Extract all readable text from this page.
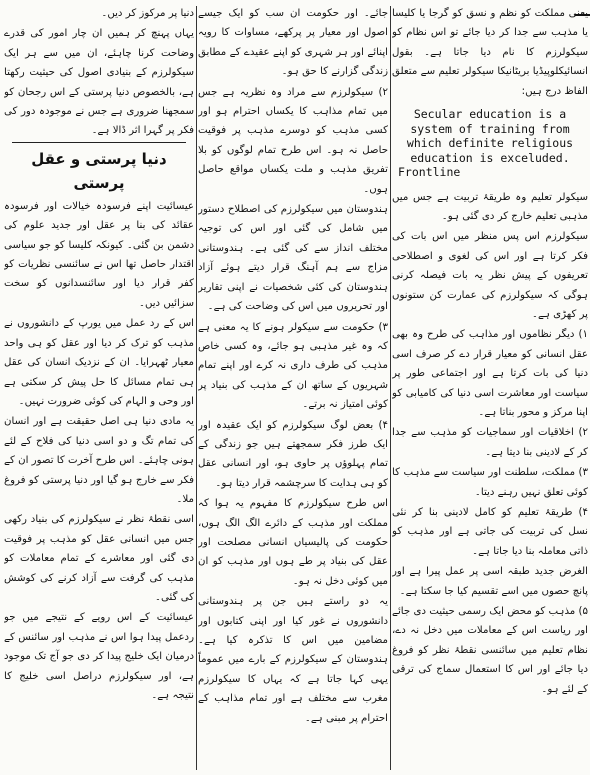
یعنی مملکت کو نظم و نسق کو گرجا یا کلیسا یا مذہب سے جدا کر دیا جائے تو اس نظام کو سیکولرزم کا نام دیا جاتا ہے۔ بقول انسائیکلوپیڈیا بریٹانیکا سیکولر تعلیم سے متعلق الفاظ درج ہیں:

Secular education is a system of training from which definite religious education is exceluded.
Frontline

سیکولر تعلیم وہ طریقۂ تربیت ہے جس میں مذہبی تعلیم خارج کر دی گئی ہو۔

سیکولرزم اس پس منظر میں اس بات کی فکر کرتا ہے اور اس کی لغوی و اصطلاحی تعریفوں کے پیش نظر یہ بات فیصلہ کرنی ہوگی کہ سیکولرزم کی عمارت کن ستونوں پر کھڑی ہے۔

۱) دیگر نظاموں اور مذاہب کی طرح وہ بھی عقل انسانی کو معیار قرار دے کر صرف اسی دنیا کی بات کرتا ہے اور اجتماعی طور پر سیاست اور معاشرت اسی دنیا کی کامیابی کو اپنا مرکز و محور بناتا ہے۔

۲) اخلاقیات اور سماجیات کو مذہب سے جدا کر کے لادینی بنا دیتا ہے۔

۳) مملکت، سلطنت اور سیاست سے مذہب کا کوئی تعلق نہیں رہنے دیتا۔

۴) طریقۂ تعلیم کو کامل لادینی بنا کر نئی نسل کی تربیت کی جاتی ہے اور مذہب کو ذاتی معاملہ بنا دیا جاتا ہے۔

الغرض جدید طبقہ اسی پر عمل پیرا ہے اور پانچ حصوں میں اسے تقسیم کیا جا سکتا ہے۔

۵) مذہب کو محض ایک رسمی حیثیت دی جائے اور ریاست اس کے معاملات میں دخل نہ دے، نظام تعلیم میں سائنسی نقطۂ نظر کو فروغ دیا جائے اور اس کا استعمال سماج کی ترقی کے لئے ہو۔

جائے۔ اور حکومت ان سب کو ایک جیسے اصول اور معیار پر پرکھے، مساوات کا رویہ اپنائے اور ہر شہری کو اپنے عقیدے کے مطابق زندگی گزارنے کا حق ہو۔

۲) سیکولرزم سے مراد وہ نظریہ ہے جس میں تمام مذاہب کا یکساں احترام ہو اور کسی مذہب کو دوسرے مذہب پر فوقیت حاصل نہ ہو۔ اس طرح تمام لوگوں کو بلا تفریق مذہب و ملت یکساں مواقع حاصل ہوں۔

ہندوستان میں سیکولرزم کی اصطلاح دستور میں شامل کی گئی اور اس کی توجیہ مختلف انداز سے کی گئی ہے۔ ہندوستانی مزاج سے ہم آہنگ قرار دیتے ہوئے آزاد ہندوستان کی کئی شخصیات نے اپنی تقاریر اور تحریروں میں اس کی وضاحت کی ہے۔

۳) حکومت سے سیکولر ہونے کا یہ معنی ہے کہ وہ غیر مذہبی ہو جائے، وہ کسی خاص مذہب کی طرف داری نہ کرے اور اپنے تمام شہریوں کے ساتھ ان کے مذہب کی بنیاد پر کوئی امتیاز نہ برتے۔

۴) بعض لوگ سیکولرزم کو ایک عقیدہ اور ایک طرز فکر سمجھتے ہیں جو زندگی کے تمام پہلوؤں پر حاوی ہو، اور انسانی عقل کو ہی ہدایت کا سرچشمہ قرار دیتا ہو۔

اس طرح سیکولرزم کا مفہوم یہ ہوا کہ مملکت اور مذہب کے دائرے الگ الگ ہوں، حکومت کی پالیسیاں انسانی مصلحت اور عقل کی بنیاد پر طے ہوں اور مذہب کو ان میں کوئی دخل نہ ہو۔

یہ دو راستے ہیں جن پر ہندوستانی دانشوروں نے غور کیا اور اپنی کتابوں اور مضامین میں اس کا تذکرہ کیا ہے۔ ہندوستان کے سیکولرزم کے بارے میں عموماً یہی کہا جاتا ہے کہ یہاں کا سیکولرزم مغرب سے مختلف ہے اور تمام مذاہب کے احترام پر مبنی ہے۔

دنیا پر مرکوز کر دیں۔

یہاں پہنچ کر ہمیں ان چار امور کی قدرے وضاحت کرنا چاہئے، ان میں سے ہر ایک سیکولرزم کے بنیادی اصول کی حیثیت رکھتا ہے، بالخصوص دنیا پرستی کے اس رجحان کو سمجھنا ضروری ہے جس نے موجودہ دور کی فکر پر گہرا اثر ڈالا ہے۔

دنیا پرستی و عقل پرستی

عیسائیت اپنے فرسودہ خیالات اور فرسودہ عقائد کی بنا پر عقل اور جدید علوم کی دشمن بن گئی۔ کیونکہ کلیسا کو جو سیاسی اقتدار حاصل تھا اس نے سائنسی نظریات کو کفر قرار دیا اور سائنسدانوں کو سخت سزائیں دیں۔

اس کے رد عمل میں یورپ کے دانشوروں نے مذہب کو ترک کر دیا اور عقل کو ہی واحد معیار ٹھہرایا۔ ان کے نزدیک انسان کی عقل ہی تمام مسائل کا حل پیش کر سکتی ہے اور وحی و الہام کی کوئی ضرورت نہیں۔

یہ مادی دنیا ہی اصل حقیقت ہے اور انسان کی تمام تگ و دو اسی دنیا کی فلاح کے لئے ہونی چاہئے۔ اس طرح آخرت کا تصور ان کے فکر سے خارج ہو گیا اور دنیا پرستی کو فروغ ملا۔

اسی نقطۂ نظر نے سیکولرزم کی بنیاد رکھی جس میں انسانی عقل کو مذہب پر فوقیت دی گئی اور معاشرے کے تمام معاملات کو مذہب کی گرفت سے آزاد کرنے کی کوشش کی گئی۔

عیسائیت کے اس رویے کے نتیجے میں جو ردعمل پیدا ہوا اس نے مذہب اور سائنس کے درمیان ایک خلیج پیدا کر دی جو آج تک موجود ہے، اور سیکولرزم دراصل اسی خلیج کا نتیجہ ہے۔
